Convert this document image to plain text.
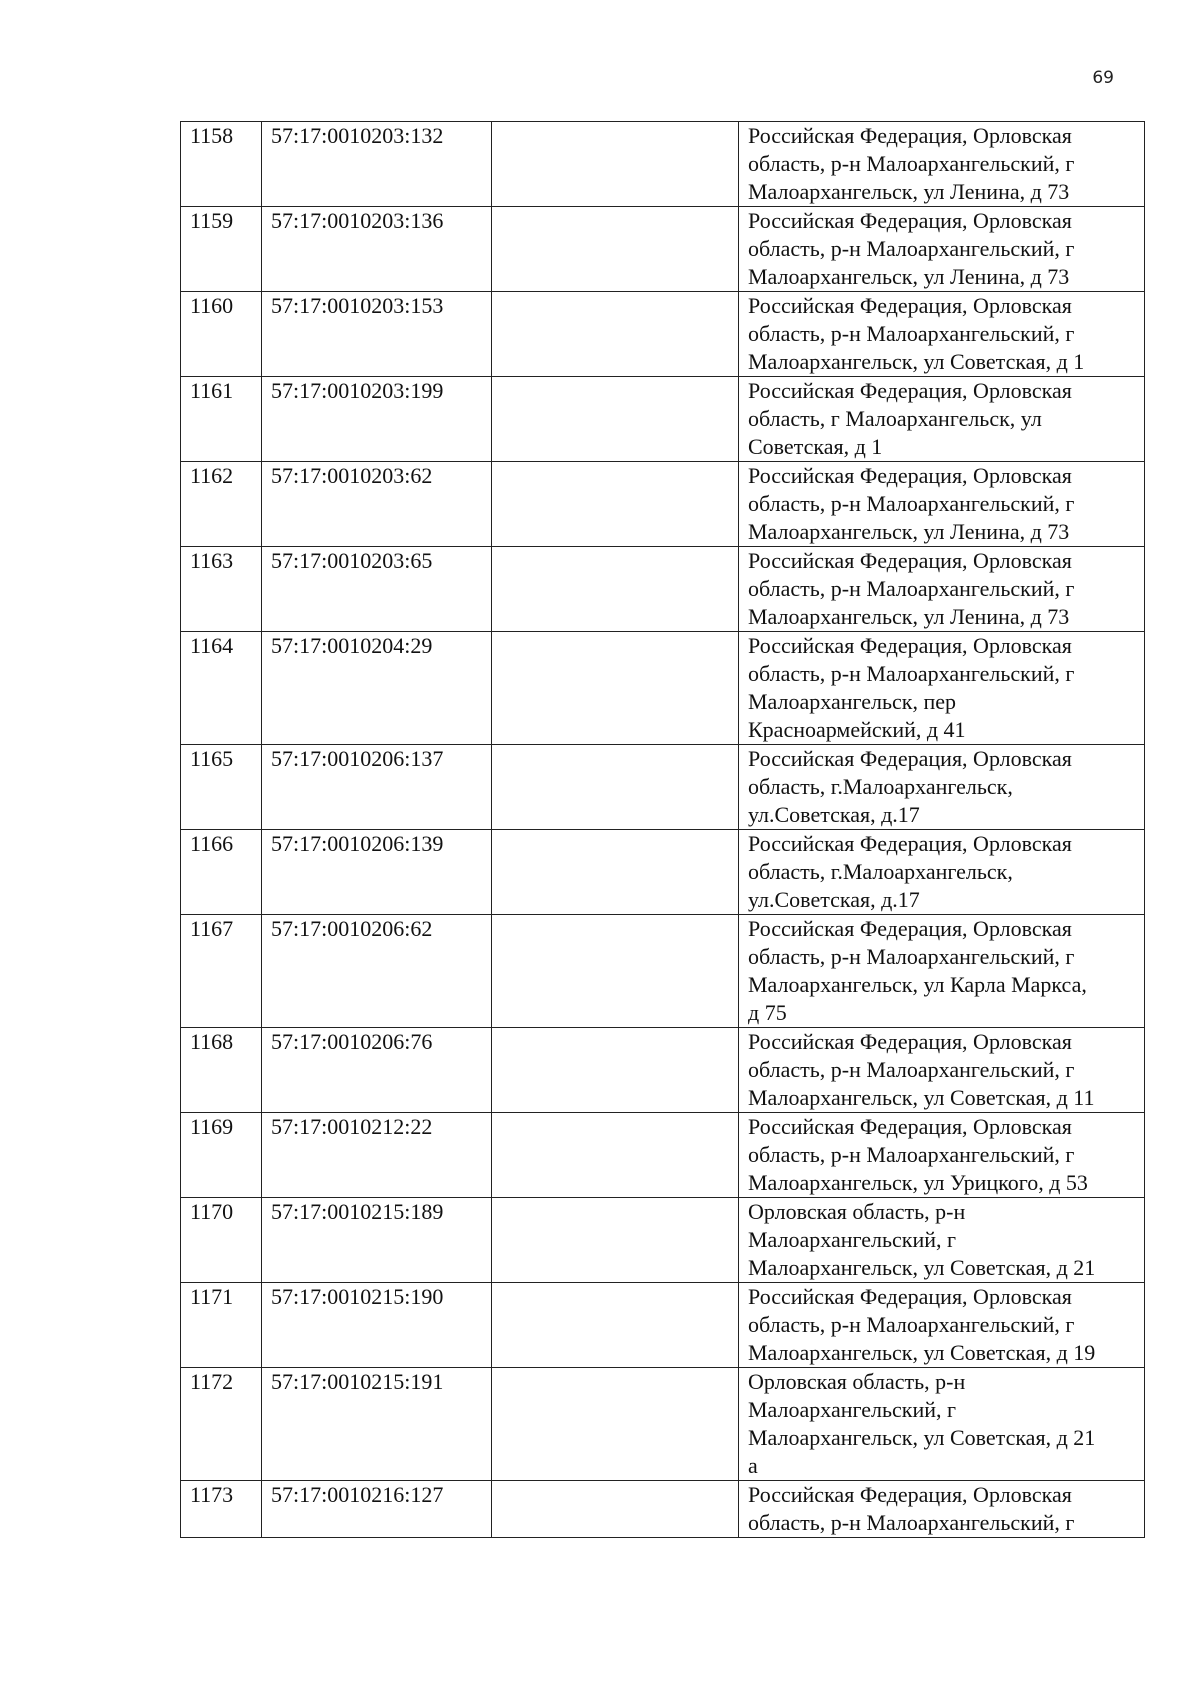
69
1158	57:17:0010203:132		Российская Федерация, Орловская
область, р-н Малоархангельский, г
Малоархангельск, ул Ленина, д 73
1159	57:17:0010203:136		Российская Федерация, Орловская
область, р-н Малоархангельский, г
Малоархангельск, ул Ленина, д 73
1160	57:17:0010203:153		Российская Федерация, Орловская
область, р-н Малоархангельский, г
Малоархангельск, ул Советская, д 1
1161	57:17:0010203:199		Российская Федерация, Орловская
область, г Малоархангельск, ул
Советская, д 1
1162	57:17:0010203:62		Российская Федерация, Орловская
область, р-н Малоархангельский, г
Малоархангельск, ул Ленина, д 73
1163	57:17:0010203:65		Российская Федерация, Орловская
область, р-н Малоархангельский, г
Малоархангельск, ул Ленина, д 73
1164	57:17:0010204:29		Российская Федерация, Орловская
область, р-н Малоархангельский, г
Малоархангельск, пер
Красноармейский, д 41
1165	57:17:0010206:137		Российская Федерация, Орловская
область, г.Малоархангельск,
ул.Советская, д.17
1166	57:17:0010206:139		Российская Федерация, Орловская
область, г.Малоархангельск,
ул.Советская, д.17
1167	57:17:0010206:62		Российская Федерация, Орловская
область, р-н Малоархангельский, г
Малоархангельск, ул Карла Маркса,
д 75
1168	57:17:0010206:76		Российская Федерация, Орловская
область, р-н Малоархангельский, г
Малоархангельск, ул Советская, д 11
1169	57:17:0010212:22		Российская Федерация, Орловская
область, р-н Малоархангельский, г
Малоархангельск, ул Урицкого, д 53
1170	57:17:0010215:189		Орловская область, р-н
Малоархангельский, г
Малоархангельск, ул Советская, д 21
1171	57:17:0010215:190		Российская Федерация, Орловская
область, р-н Малоархангельский, г
Малоархангельск, ул Советская, д 19
1172	57:17:0010215:191		Орловская область, р-н
Малоархангельский, г
Малоархангельск, ул Советская, д 21
а
1173	57:17:0010216:127		Российская Федерация, Орловская
область, р-н Малоархангельский, г
